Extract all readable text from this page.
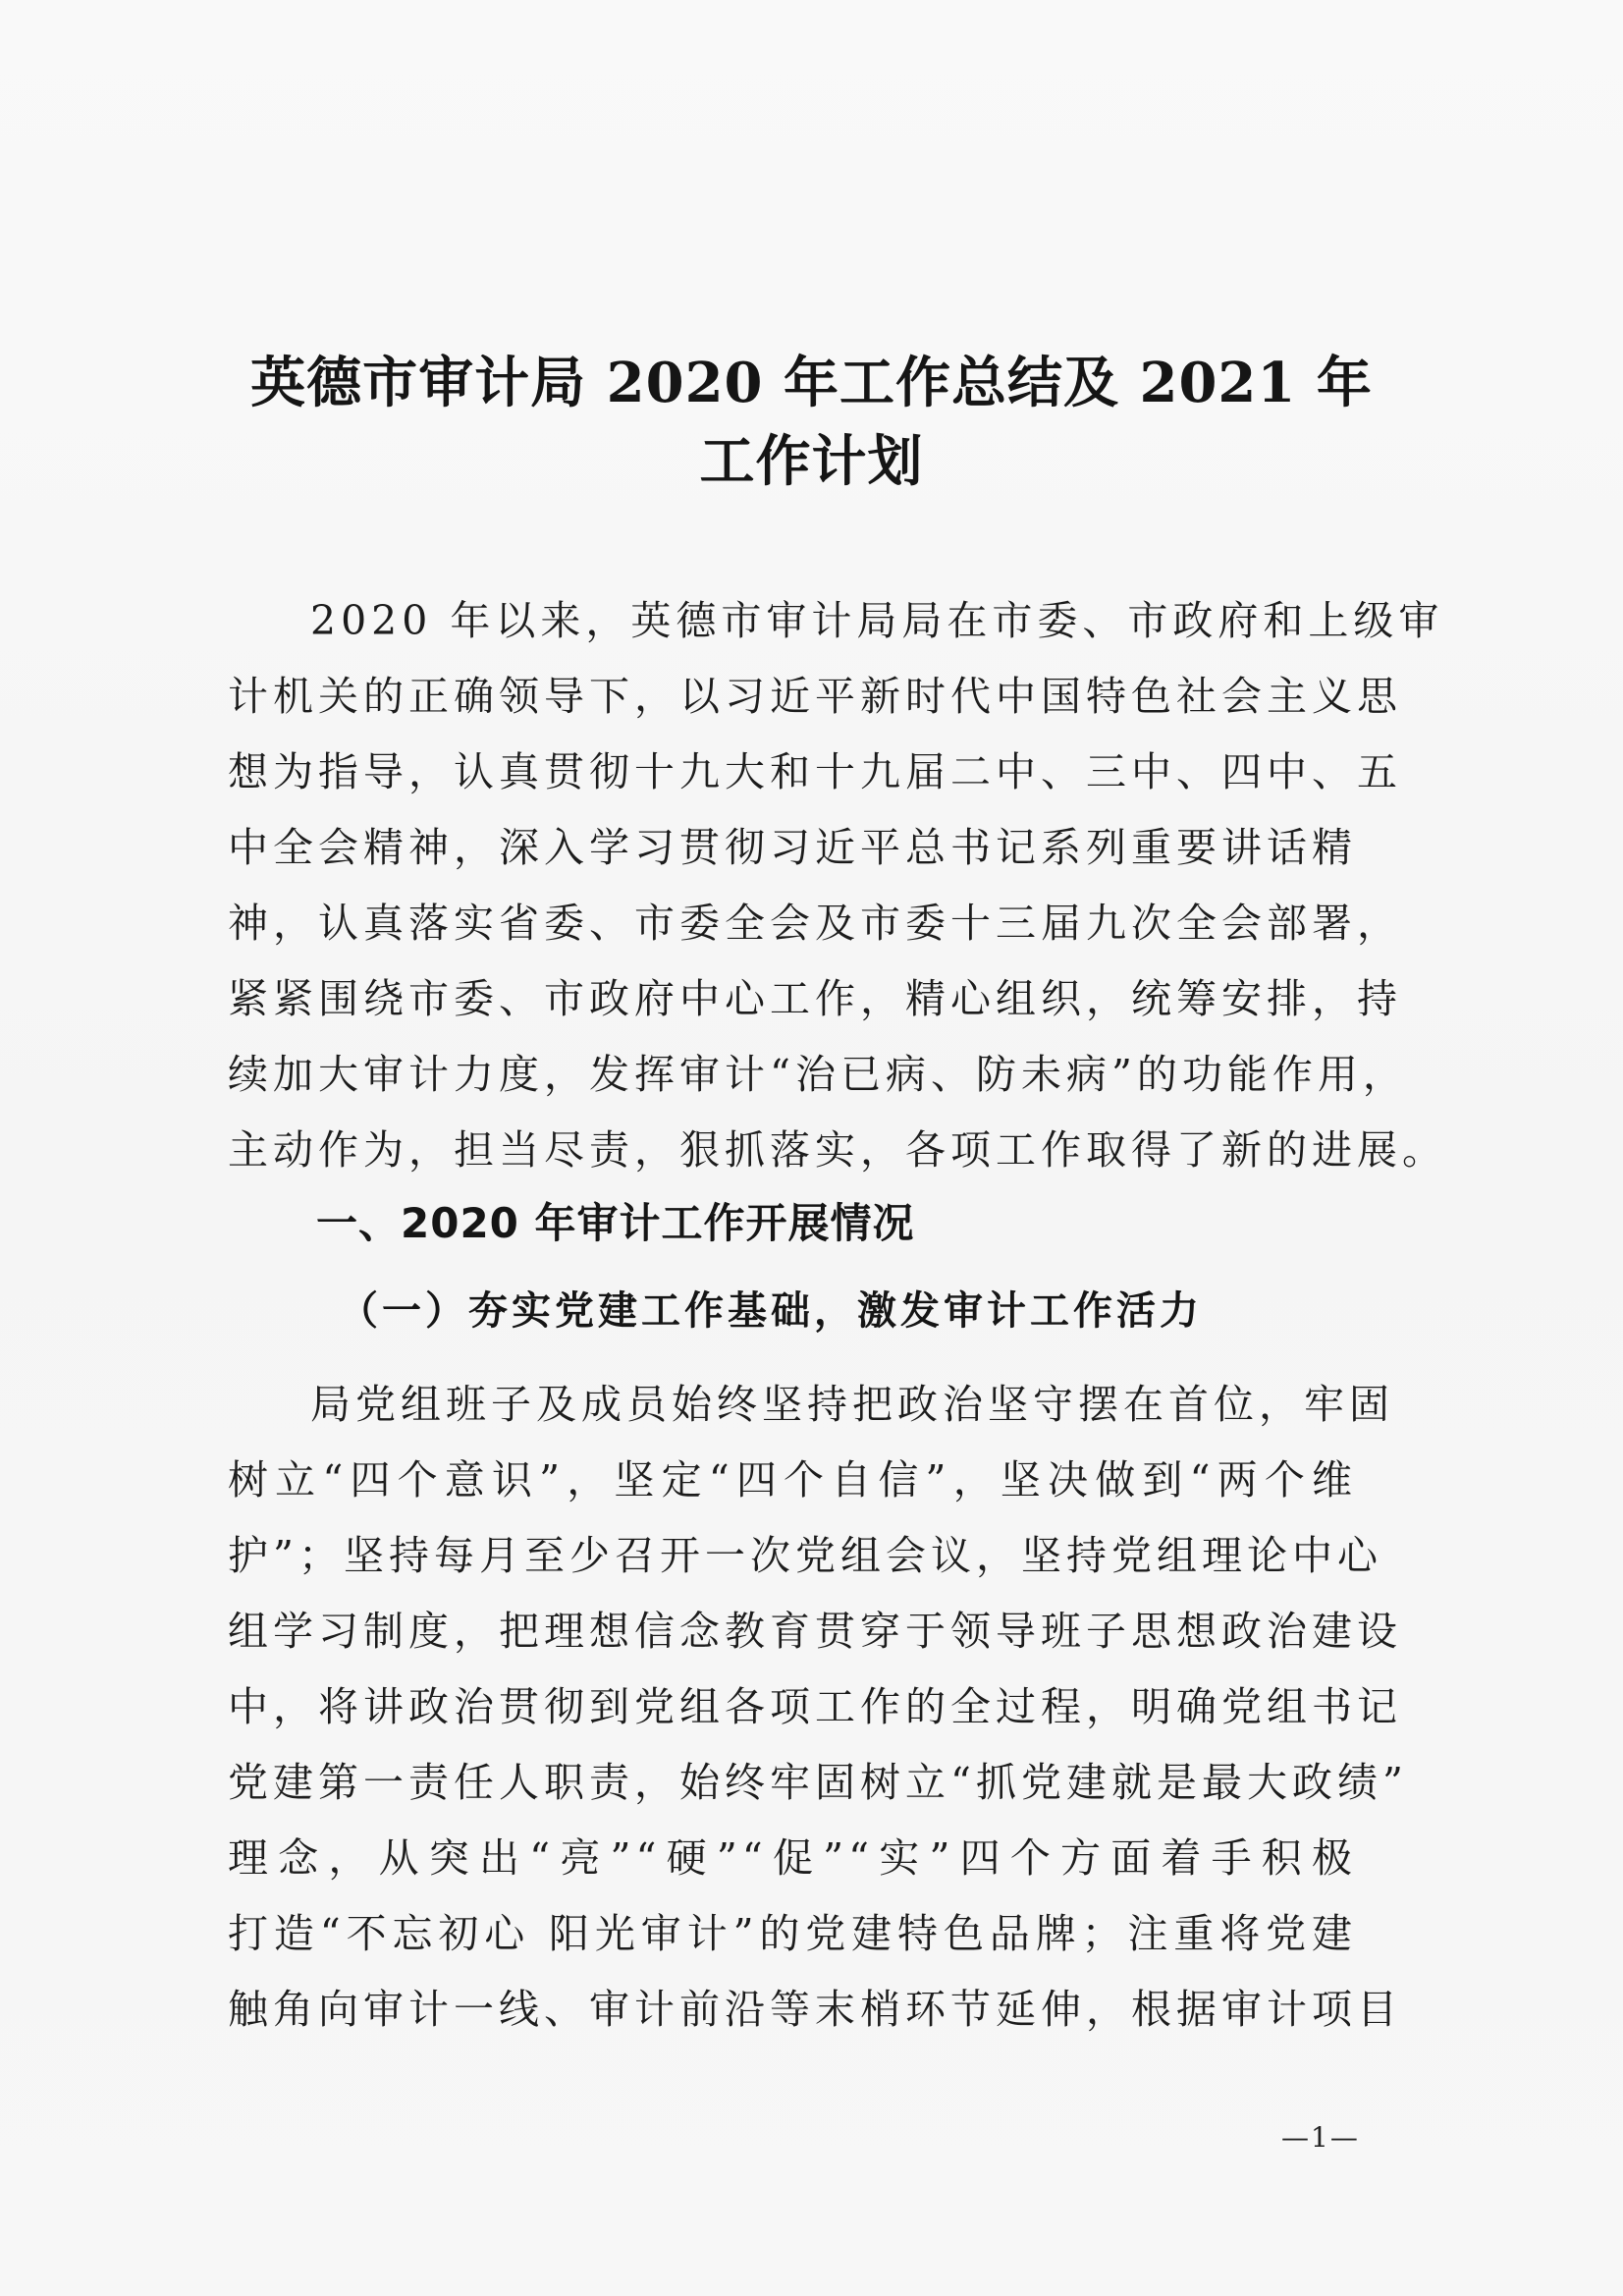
英德市审计局 2020 年工作总结及 2021 年
工作计划
2020 年以来，英德市审计局局在市委、市政府和上级审
计机关的正确领导下，以习近平新时代中国特色社会主义思
想为指导，认真贯彻十九大和十九届二中、三中、四中、五
中全会精神，深入学习贯彻习近平总书记系列重要讲话精
神，认真落实省委、市委全会及市委十三届九次全会部署，
紧紧围绕市委、市政府中心工作，精心组织，统筹安排，持
续加大审计力度，发挥审计“治已病、防未病”的功能作用，
主动作为，担当尽责，狠抓落实，各项工作取得了新的进展。
一、2020 年审计工作开展情况
（一）夯实党建工作基础，激发审计工作活力
局党组班子及成员始终坚持把政治坚守摆在首位，牢固
树立“四个意识”，坚定“四个自信”，坚决做到“两个维
护”；坚持每月至少召开一次党组会议，坚持党组理论中心
组学习制度，把理想信念教育贯穿于领导班子思想政治建设
中，将讲政治贯彻到党组各项工作的全过程，明确党组书记
党建第一责任人职责，始终牢固树立“抓党建就是最大政绩”
理念，从突出“亮”“硬”“促”“实”四个方面着手积极
打造“不忘初心 阳光审计”的党建特色品牌；注重将党建
触角向审计一线、审计前沿等末梢环节延伸，根据审计项目
—1—
